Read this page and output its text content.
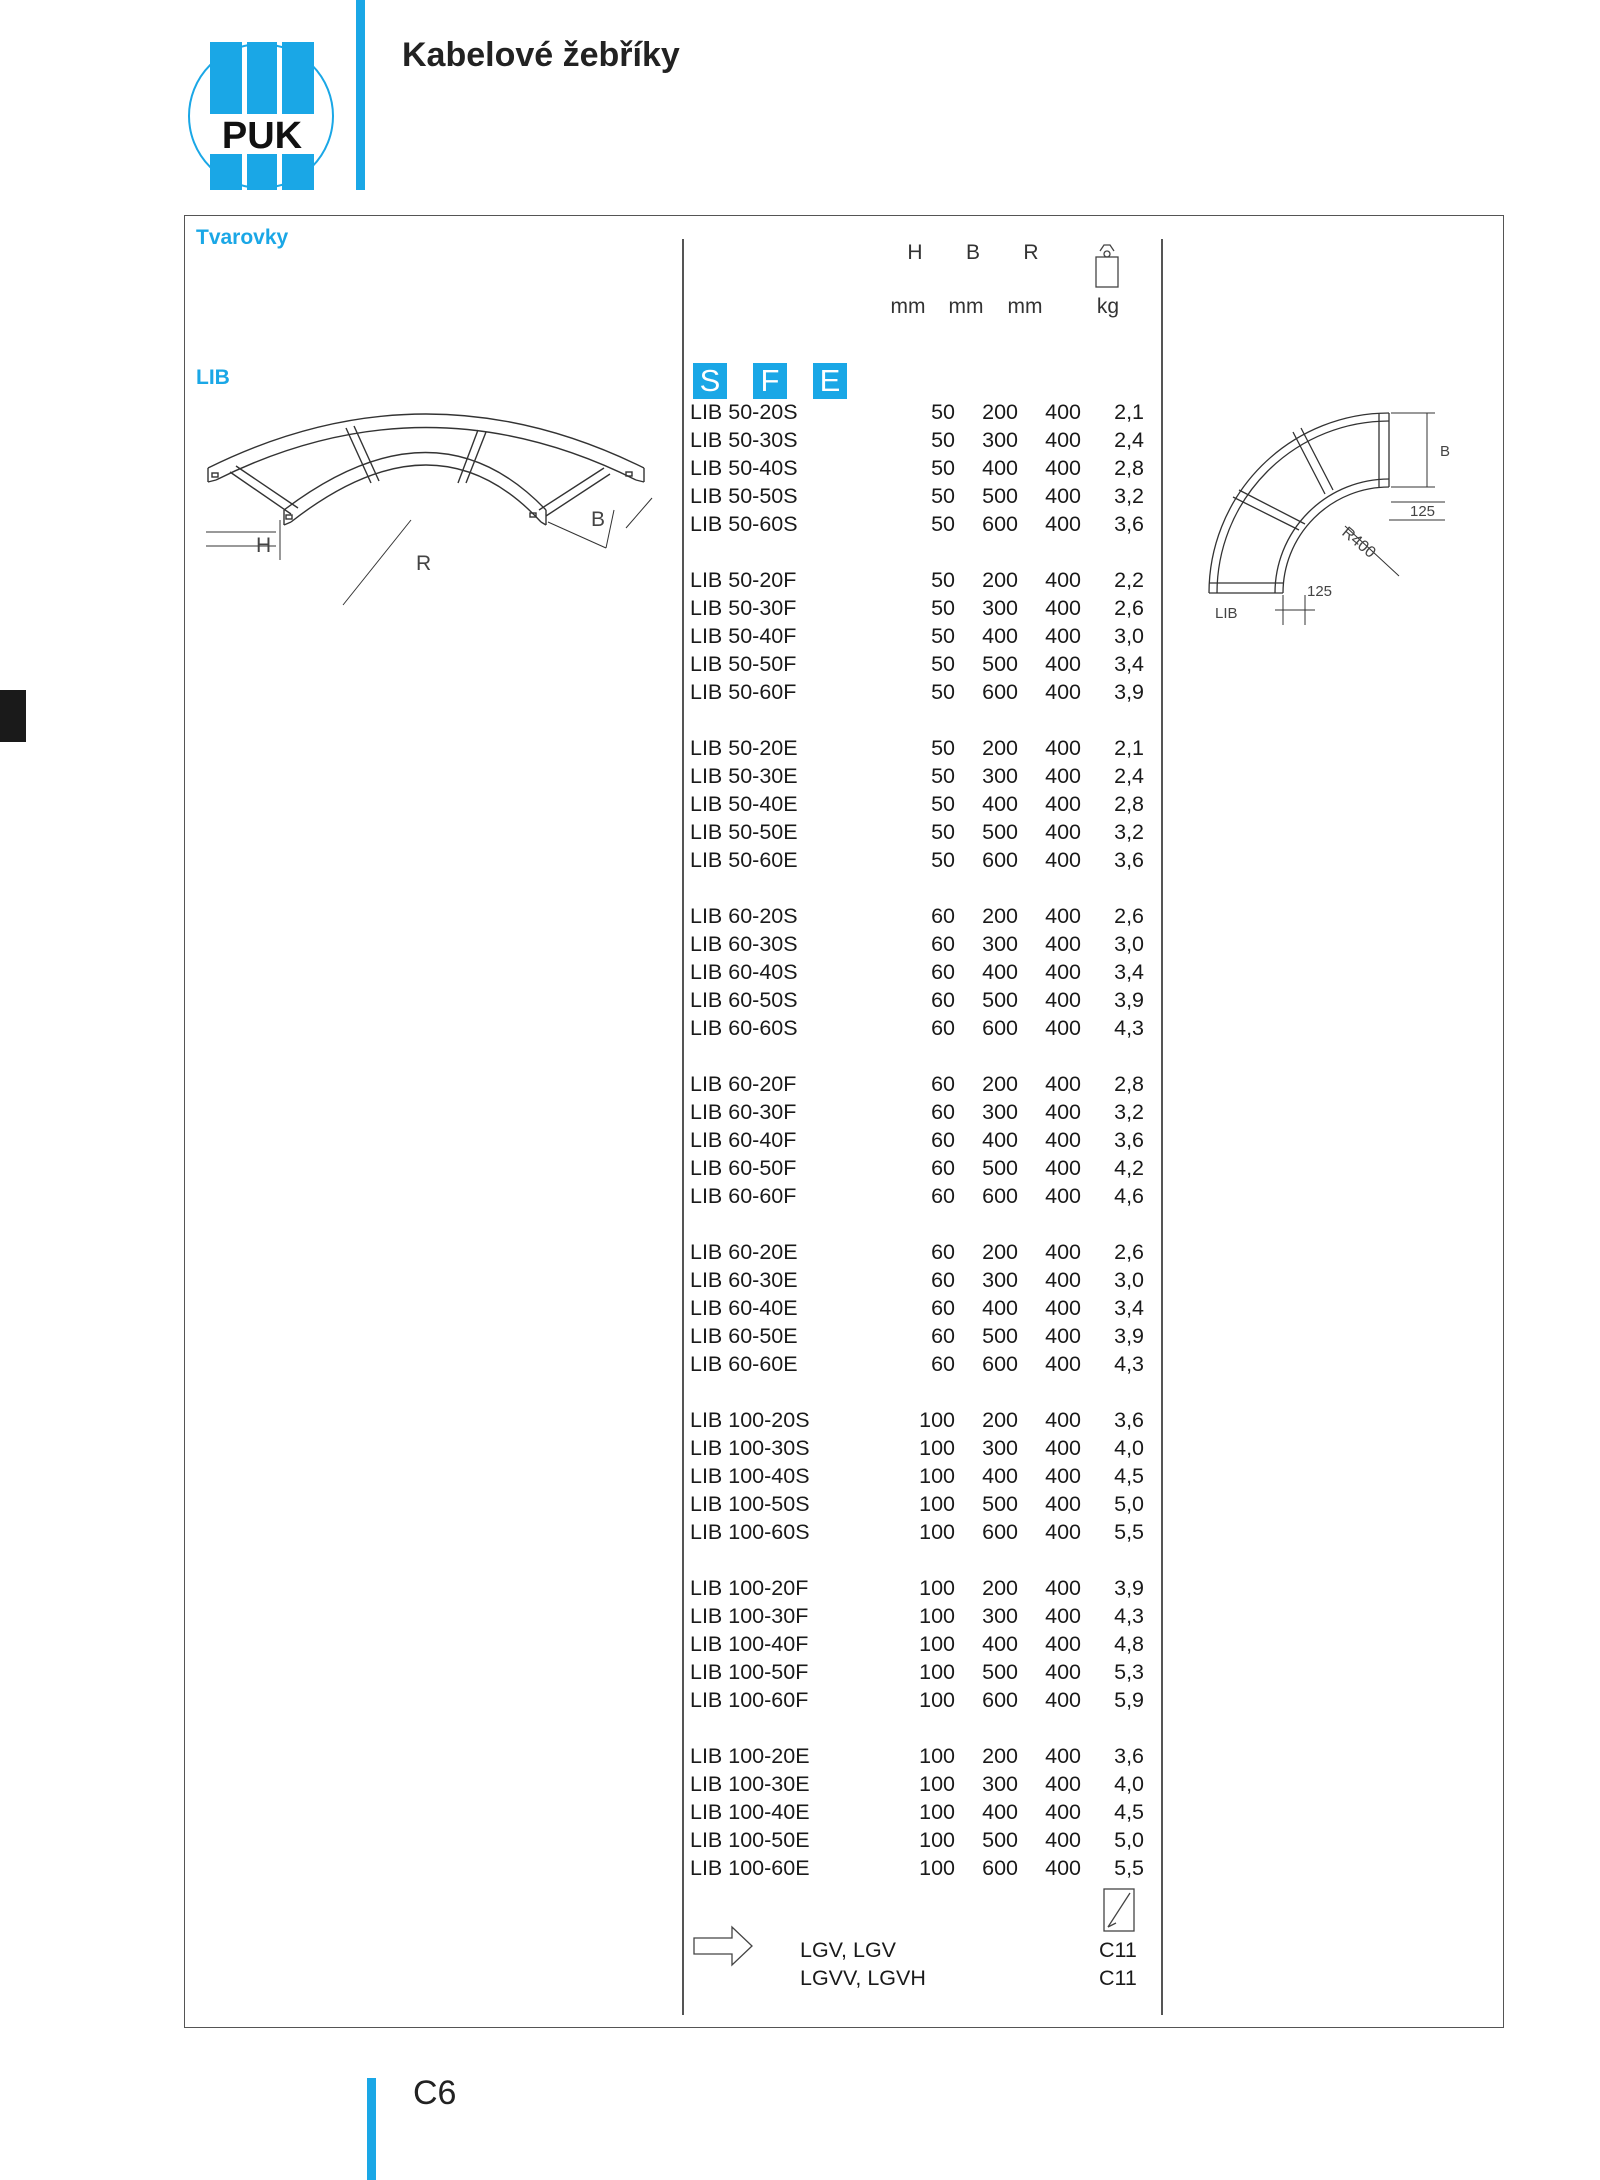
PUK
Kabelové žebříky
Tvarovky
LIB
H
R
B
B
125
125
R400
LIB
H	B	R
mm	mm	mm	kg
S F E
LIB 50-20S	50	200	400	2,1
LIB 50-30S	50	300	400	2,4
LIB 50-40S	50	400	400	2,8
LIB 50-50S	50	500	400	3,2
LIB 50-60S	50	600	400	3,6
LIB 50-20F	50	200	400	2,2
LIB 50-30F	50	300	400	2,6
LIB 50-40F	50	400	400	3,0
LIB 50-50F	50	500	400	3,4
LIB 50-60F	50	600	400	3,9
LIB 50-20E	50	200	400	2,1
LIB 50-30E	50	300	400	2,4
LIB 50-40E	50	400	400	2,8
LIB 50-50E	50	500	400	3,2
LIB 50-60E	50	600	400	3,6
LIB 60-20S	60	200	400	2,6
LIB 60-30S	60	300	400	3,0
LIB 60-40S	60	400	400	3,4
LIB 60-50S	60	500	400	3,9
LIB 60-60S	60	600	400	4,3
LIB 60-20F	60	200	400	2,8
LIB 60-30F	60	300	400	3,2
LIB 60-40F	60	400	400	3,6
LIB 60-50F	60	500	400	4,2
LIB 60-60F	60	600	400	4,6
LIB 60-20E	60	200	400	2,6
LIB 60-30E	60	300	400	3,0
LIB 60-40E	60	400	400	3,4
LIB 60-50E	60	500	400	3,9
LIB 60-60E	60	600	400	4,3
LIB 100-20S	100	200	400	3,6
LIB 100-30S	100	300	400	4,0
LIB 100-40S	100	400	400	4,5
LIB 100-50S	100	500	400	5,0
LIB 100-60S	100	600	400	5,5
LIB 100-20F	100	200	400	3,9
LIB 100-30F	100	300	400	4,3
LIB 100-40F	100	400	400	4,8
LIB 100-50F	100	500	400	5,3
LIB 100-60F	100	600	400	5,9
LIB 100-20E	100	200	400	3,6
LIB 100-30E	100	300	400	4,0
LIB 100-40E	100	400	400	4,5
LIB 100-50E	100	500	400	5,0
LIB 100-60E	100	600	400	5,5
LGV, LGV	C11
LGVV, LGVH	C11
C6
